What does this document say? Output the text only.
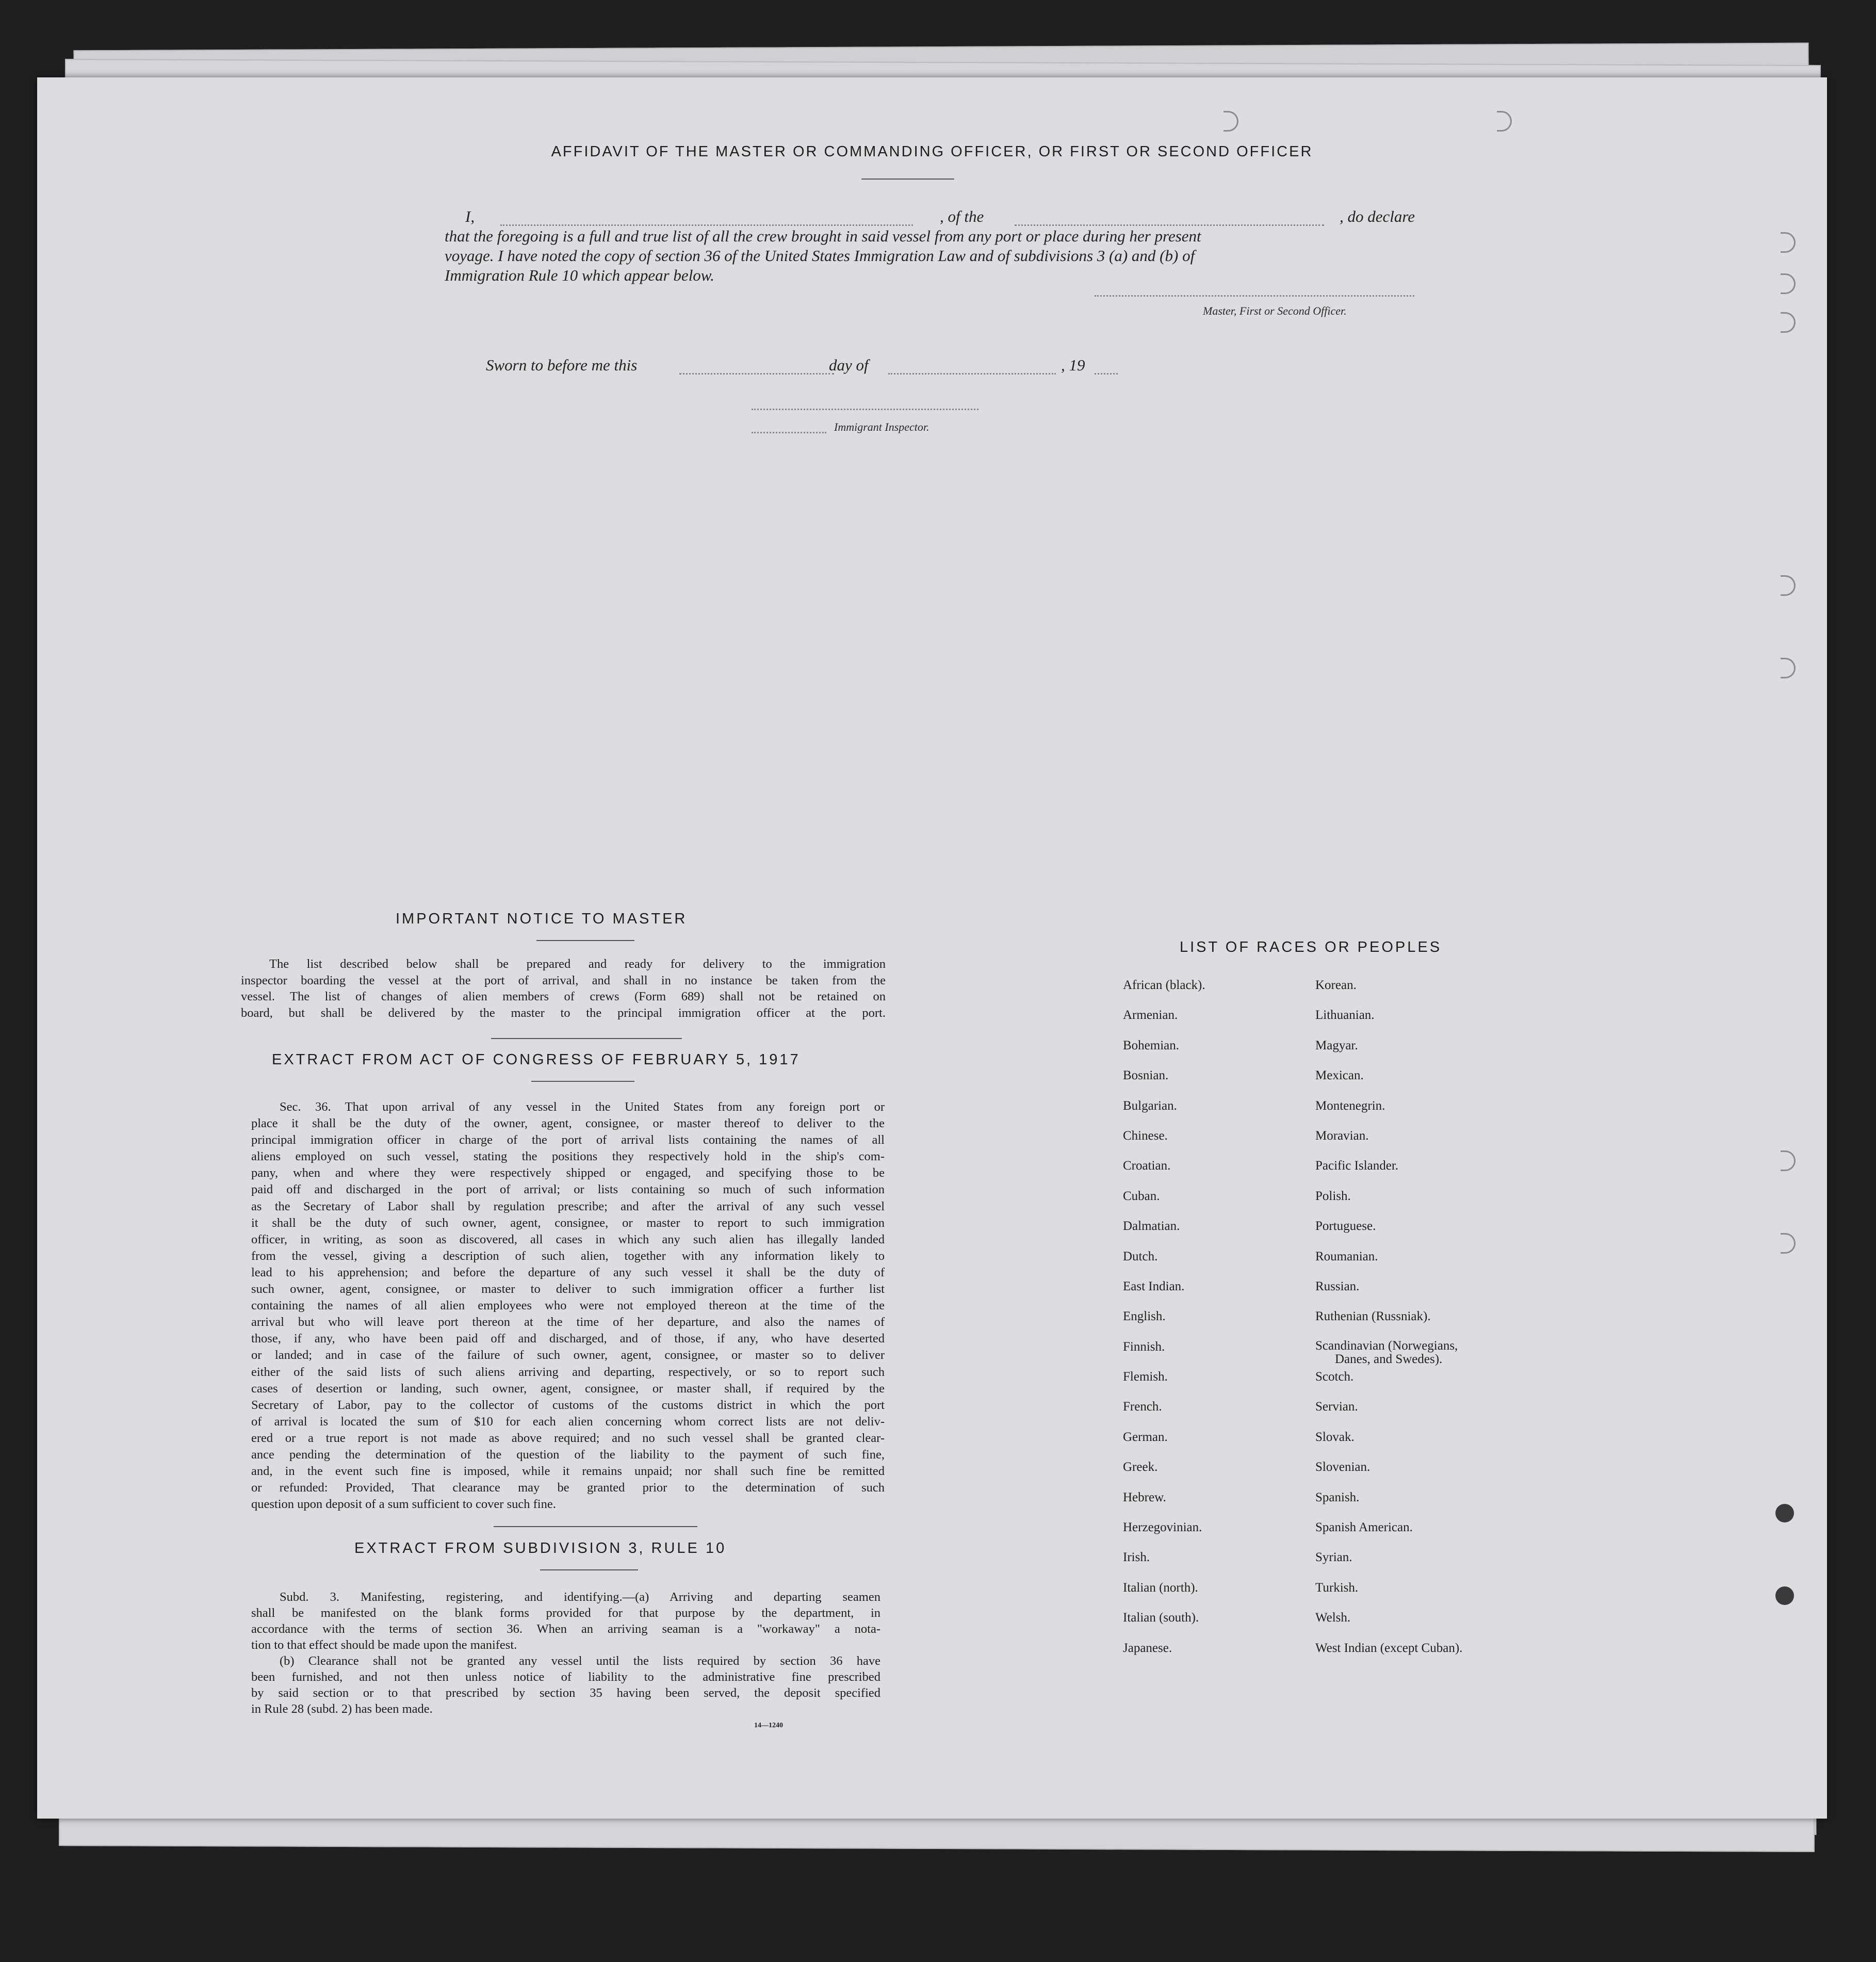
AFFIDAVIT OF THE MASTER OR COMMANDING OFFICER, OR FIRST OR SECOND OFFICER
I,	, of the	, do declare
that the foregoing is a full and true list of all the crew brought in said vessel from any port or place during her present
voyage. I have noted the copy of section 36 of the United States Immigration Law and of subdivisions 3 (a) and (b) of
Immigration Rule 10 which appear below.
Master, First or Second Officer.
Sworn to before me this	day of	, 19
Immigrant Inspector.
IMPORTANT NOTICE TO MASTER

The list described below shall be prepared and ready for delivery to the immigration

inspector boarding the vessel at the port of arrival, and shall in no instance be taken from the

vessel. The list of changes of alien members of crews (Form 689) shall not be retained on

board, but shall be delivered by the master to the principal immigration officer at the port.

EXTRACT FROM ACT OF CONGRESS OF FEBRUARY 5, 1917

Sec. 36. That upon arrival of any vessel in the United States from any foreign port or

place it shall be the duty of the owner, agent, consignee, or master thereof to deliver to the

principal immigration officer in charge of the port of arrival lists containing the names of all

aliens employed on such vessel, stating the positions they respectively hold in the ship's com-

pany, when and where they were respectively shipped or engaged, and specifying those to be

paid off and discharged in the port of arrival; or lists containing so much of such information

as the Secretary of Labor shall by regulation prescribe; and after the arrival of any such vessel

it shall be the duty of such owner, agent, consignee, or master to report to such immigration

officer, in writing, as soon as discovered, all cases in which any such alien has illegally landed

from the vessel, giving a description of such alien, together with any information likely to

lead to his apprehension; and before the departure of any such vessel it shall be the duty of

such owner, agent, consignee, or master to deliver to such immigration officer a further list

containing the names of all alien employees who were not employed thereon at the time of the

arrival but who will leave port thereon at the time of her departure, and also the names of

those, if any, who have been paid off and discharged, and of those, if any, who have deserted

or landed; and in case of the failure of such owner, agent, consignee, or master so to deliver

either of the said lists of such aliens arriving and departing, respectively, or so to report such

cases of desertion or landing, such owner, agent, consignee, or master shall, if required by the

Secretary of Labor, pay to the collector of customs of the customs district in which the port

of arrival is located the sum of $10 for each alien concerning whom correct lists are not deliv-

ered or a true report is not made as above required; and no such vessel shall be granted clear-

ance pending the determination of the question of the liability to the payment of such fine,

and, in the event such fine is imposed, while it remains unpaid; nor shall such fine be remitted

or refunded: Provided, That clearance may be granted prior to the determination of such

question upon deposit of a sum sufficient to cover such fine.

EXTRACT FROM SUBDIVISION 3, RULE 10

Subd. 3. Manifesting, registering, and identifying.—(a) Arriving and departing seamen

shall be manifested on the blank forms provided for that purpose by the department, in

accordance with the terms of section 36. When an arriving seaman is a "workaway" a nota-

tion to that effect should be made upon the manifest.

(b) Clearance shall not be granted any vessel until the lists required by section 36 have

been furnished, and not then unless notice of liability to the administrative fine prescribed

by said section or to that prescribed by section 35 having been served, the deposit specified

in Rule 28 (subd. 2) has been made.

14—1240
LIST OF RACES OR PEOPLES
African (black).
Armenian.
Bohemian.
Bosnian.
Bulgarian.
Chinese.
Croatian.
Cuban.
Dalmatian.
Dutch.
East Indian.
English.
Finnish.
Flemish.
French.
German.
Greek.
Hebrew.
Herzegovinian.
Irish.
Italian (north).
Italian (south).
Japanese.
Korean.
Lithuanian.
Magyar.
Mexican.
Montenegrin.
Moravian.
Pacific Islander.
Polish.
Portuguese.
Roumanian.
Russian.
Ruthenian (Russniak).
Scandinavian (Norwegians,
Danes, and Swedes).
Scotch.
Servian.
Slovak.
Slovenian.
Spanish.
Spanish American.
Syrian.
Turkish.
Welsh.
West Indian (except Cuban).
